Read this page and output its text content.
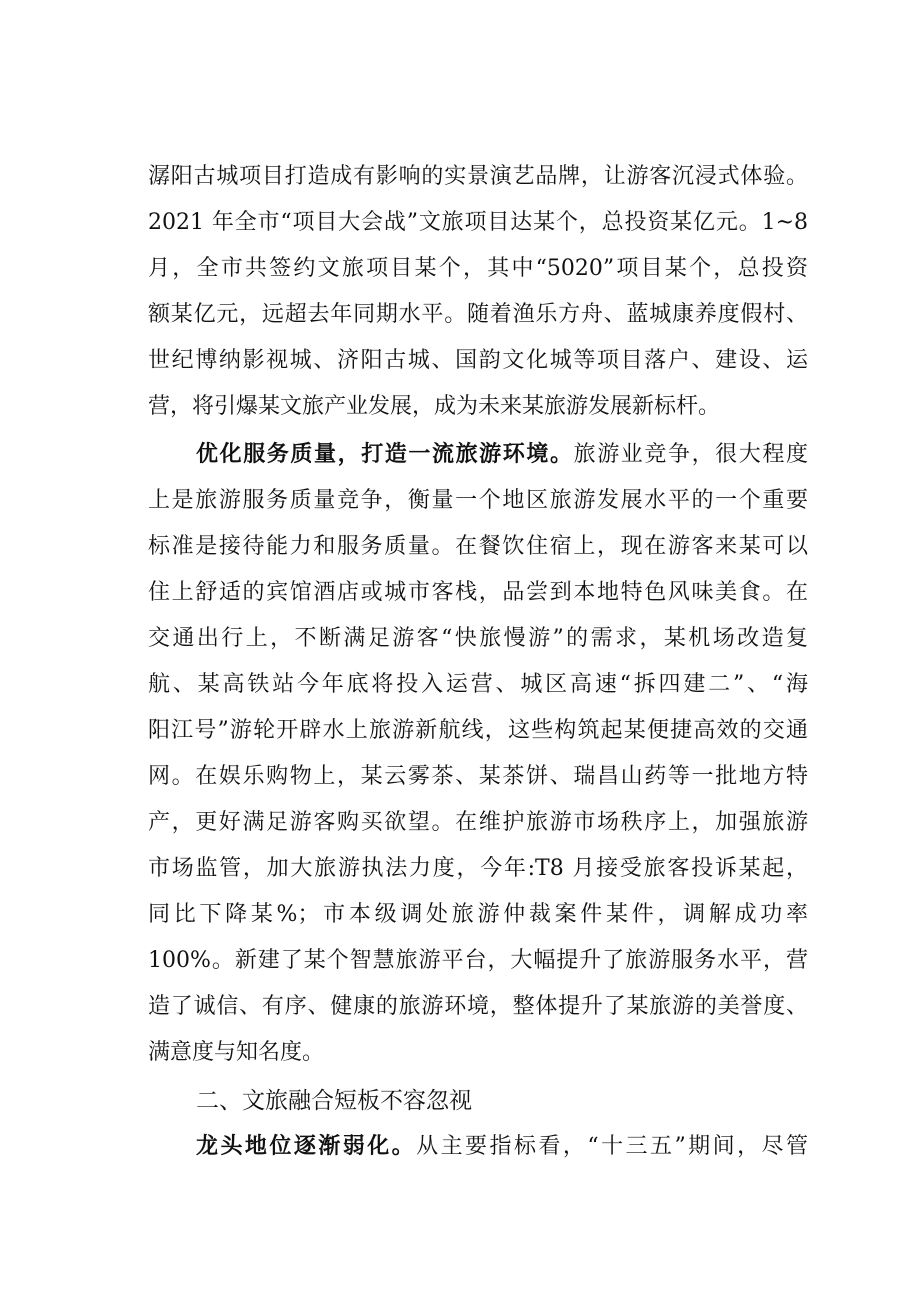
潺阳古城项目打造成有影响的实景演艺品牌，让游客沉浸式体验。
2021 年全市“项目大会战”文旅项目达某个，总投资某亿元。1~8
月，全市共签约文旅项目某个，其中“5020”项目某个，总投资
额某亿元，远超去年同期水平。随着渔乐方舟、蓝城康养度假村、
世纪博纳影视城、济阳古城、国韵文化城等项目落户、建设、运
营，将引爆某文旅产业发展，成为未来某旅游发展新标杆。
优化服务质量，打造一流旅游环境。旅游业竞争，很大程度
上是旅游服务质量竞争，衡量一个地区旅游发展水平的一个重要
标准是接待能力和服务质量。在餐饮住宿上，现在游客来某可以
住上舒适的宾馆酒店或城市客栈，品尝到本地特色风味美食。在
交通出行上，不断满足游客“快旅慢游”的需求，某机场改造复
航、某高铁站今年底将投入运营、城区高速“拆四建二”、“海
阳江号”游轮开辟水上旅游新航线，这些构筑起某便捷高效的交通
网。在娱乐购物上，某云雾茶、某茶饼、瑞昌山药等一批地方特
产，更好满足游客购买欲望。在维护旅游市场秩序上，加强旅游
市场监管，加大旅游执法力度，今年:T8 月接受旅客投诉某起，
同比下降某%；市本级调处旅游仲裁案件某件，调解成功率
100%。新建了某个智慧旅游平台，大幅提升了旅游服务水平，营
造了诚信、有序、健康的旅游环境，整体提升了某旅游的美誉度、
满意度与知名度。
二、文旅融合短板不容忽视
龙头地位逐渐弱化。从主要指标看，“十三五”期间，尽管
